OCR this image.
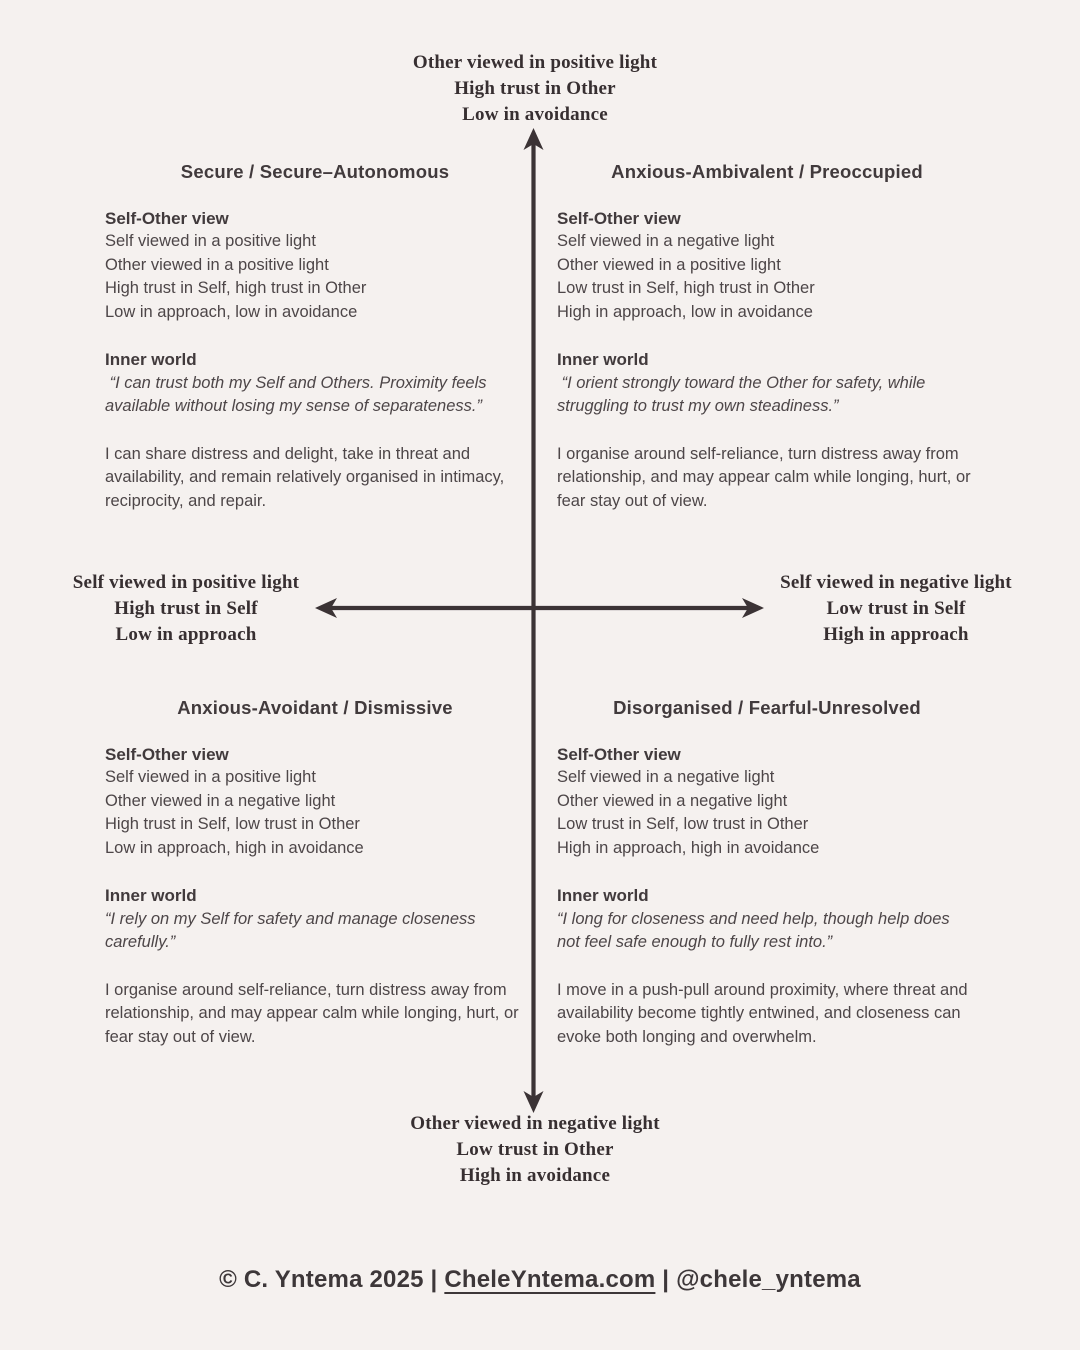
Other viewed in positive light
High trust in Other
Low in avoidance
Self viewed in positive light
High trust in Self
Low in approach
Self viewed in negative light
Low trust in Self
High in approach
Other viewed in negative light
Low trust in Other
High in avoidance
Secure / Secure–Autonomous
Self-Other view

Self viewed in a positive light

Other viewed in a positive light

High trust in Self, high trust in Other

Low in approach, low in avoidance

Inner world

“I can trust both my Self and Others. Proximity feels available without losing my sense of separateness.”

I can share distress and delight, take in threat and availability, and remain relatively organised in intimacy, reciprocity, and repair.

Anxious-Ambivalent / Preoccupied
Self-Other view

Self viewed in a negative light

Other viewed in a positive light

Low trust in Self, high trust in Other

High in approach, low in avoidance

Inner world

“I orient strongly toward the Other for safety, while struggling to trust my own steadiness.”

I organise around self-reliance, turn distress away from relationship, and may appear calm while longing, hurt, or fear stay out of view.

Anxious-Avoidant / Dismissive
Self-Other view

Self viewed in a positive light

Other viewed in a negative light

High trust in Self, low trust in Other

Low in approach, high in avoidance

Inner world

“I rely on my Self for safety and manage closeness carefully.”

I organise around self-reliance, turn distress away from relationship, and may appear calm while longing, hurt, or fear stay out of view.

Disorganised / Fearful-Unresolved
Self-Other view

Self viewed in a negative light

Other viewed in a negative light

Low trust in Self, low trust in Other

High in approach, high in avoidance

Inner world

“I long for closeness and need help, though help does not feel safe enough to fully rest into.”

I move in a push-pull around proximity, where threat and availability become tightly entwined, and closeness can evoke both longing and overwhelm.

© C. Yntema 2025 | CheleYntema.com | @chele_yntema
